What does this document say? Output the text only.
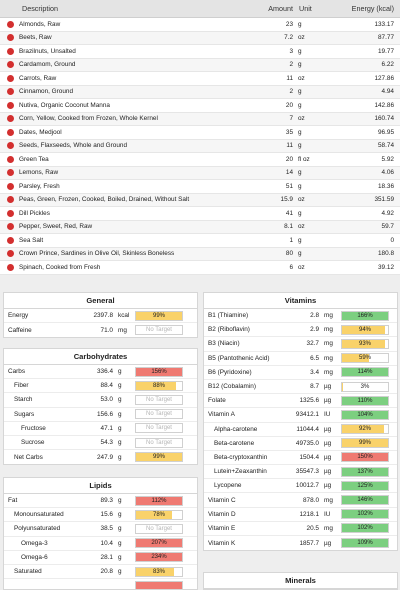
Description	Amount Unit	Energy (kcal)
Almonds, Raw	23 g	133.17
Beets, Raw	7.2 oz	87.77
Brazilnuts, Unsalted	3 g	19.77
Cardamom, Ground	2 g	6.22
Carrots, Raw	11 oz	127.86
Cinnamon, Ground	2 g	4.94
Nutiva, Organic Coconut Manna	20 g	142.86
Corn, Yellow, Cooked from Frozen, Whole Kernel	7 oz	160.74
Dates, Medjool	35 g	96.95
Seeds, Flaxseeds, Whole and Ground	11 g	58.74
Green Tea	20 fl oz	5.92
Lemons, Raw	14 g	4.06
Parsley, Fresh	51 g	18.36
Peas, Green, Frozen, Cooked, Boiled, Drained, Without Salt	15.9 oz	351.59
Dill Pickles	41 g	4.92
Pepper, Sweet, Red, Raw	8.1 oz	59.7
Sea Salt	1 g	0
Crown Prince, Sardines in Olive Oil, Skinless Boneless	80 g	180.8
Spinach, Cooked from Fresh	6 oz	39.12
General
Energy	2397.8 kcal	99%
Caffeine	71.0 mg	No Target
Carbohydrates
Carbs	336.4 g	156%
Fiber	88.4 g	88%
Starch	53.0 g	No Target
Sugars	156.6 g	No Target
Fructose	47.1 g	No Target
Sucrose	54.3 g	No Target
Net Carbs	247.9 g	99%
Lipids
Fat	89.3 g	112%
Monounsaturated	15.6 g	78%
Polyunsaturated	38.5 g	No Target
Omega-3	10.4 g	207%
Omega-6	28.1 g	234%
Saturated	20.8 g	83%
Vitamins
B1 (Thiamine)	2.8 mg	166%
B2 (Riboflavin)	2.9 mg	94%
B3 (Niacin)	32.7 mg	93%
B5 (Pantothenic Acid)	6.5 mg	59%
B6 (Pyridoxine)	3.4 mg	114%
B12 (Cobalamin)	8.7 µg	3%
Folate	1325.6 µg	110%
Vitamin A	93412.1 IU	104%
Alpha-carotene	11044.4 µg	92%
Beta-carotene	49735.0 µg	99%
Beta-cryptoxanthin	1504.4 µg	150%
Lutein+Zeaxanthin	35547.3 µg	137%
Lycopene	10012.7 µg	125%
Vitamin C	878.0 mg	146%
Vitamin D	1218.1 IU	102%
Vitamin E	20.5 mg	102%
Vitamin K	1857.7 µg	109%
Minerals
